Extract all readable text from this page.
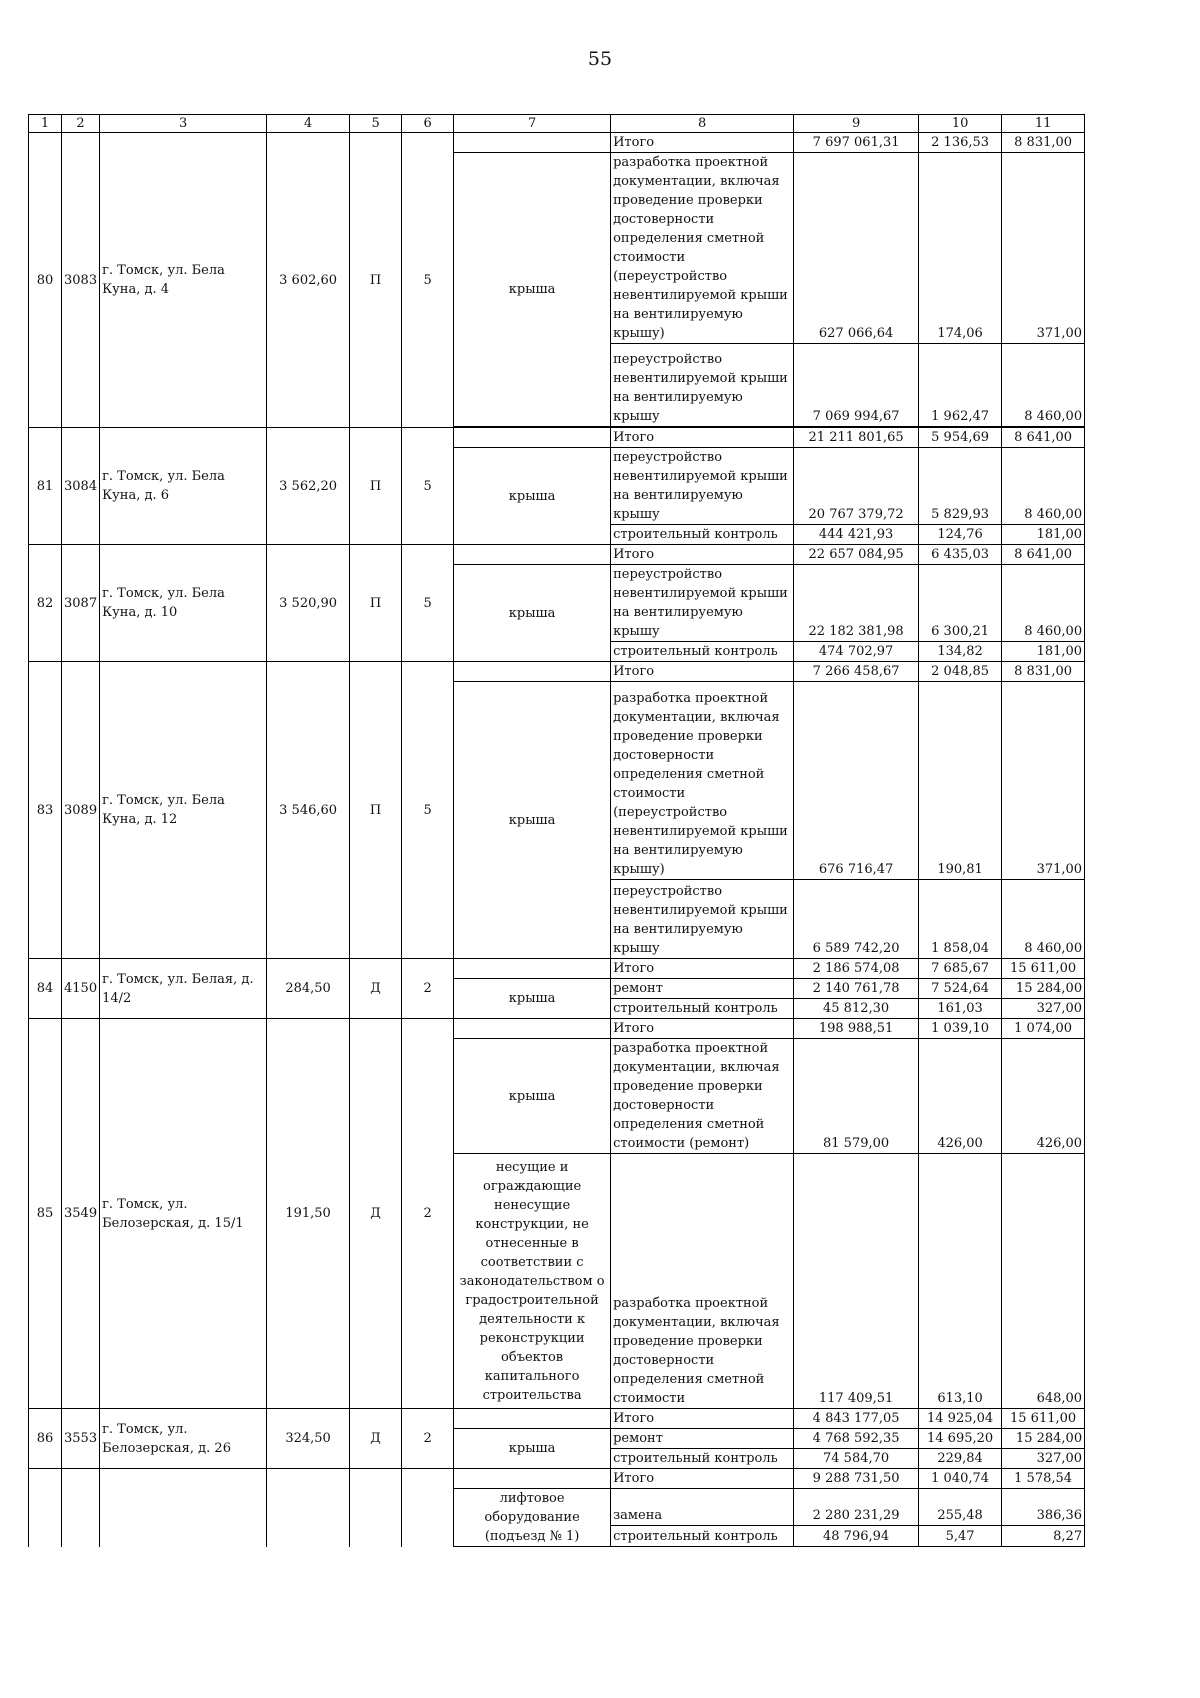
55
1	2	3	4	5	6	7	8	9	10	11
80	3083	г. Томск, ул. Бела Куна, д. 4	3 602,60	П	5		Итого	7 697 061,31	2 136,53	8 831,00
						крыша	разработка проектной документации, включая проведение проверки достоверности определения сметной стоимости (переустройство невентилируемой крыши на вентилируемую крышу)	627 066,64	174,06	371,00
							переустройство невентилируемой крыши на вентилируемую крышу	7 069 994,67	1 962,47	8 460,00

81	3084	г. Томск, ул. Бела Куна, д. 6	3 562,20	П	5		Итого	21 211 801,65	5 954,69	8 641,00
						крыша	переустройство невентилируемой крыши на вентилируемую крышу	20 767 379,72	5 829,93	8 460,00
							строительный контроль	444 421,93	124,76	181,00
82	3087	г. Томск, ул. Бела Куна, д. 10	3 520,90	П	5		Итого	22 657 084,95	6 435,03	8 641,00
						крыша	переустройство невентилируемой крыши на вентилируемую крышу	22 182 381,98	6 300,21	8 460,00
							строительный контроль	474 702,97	134,82	181,00
83	3089	г. Томск, ул. Бела Куна, д. 12	3 546,60	П	5		Итого	7 266 458,67	2 048,85	8 831,00
						крыша	разработка проектной документации, включая проведение проверки достоверности определения сметной стоимости (переустройство невентилируемой крыши на вентилируемую крышу)	676 716,47	190,81	371,00
							переустройство невентилируемой крыши на вентилируемую крышу	6 589 742,20	1 858,04	8 460,00
84	4150	г. Томск, ул. Белая, д. 14/2	284,50	Д	2		Итого	2 186 574,08	7 685,67	15 611,00
						крыша	ремонт	2 140 761,78	7 524,64	15 284,00
							строительный контроль	45 812,30	161,03	327,00
85	3549	г. Томск, ул. Белозерская, д. 15/1	191,50	Д	2		Итого	198 988,51	1 039,10	1 074,00
						крыша	разработка проектной документации, включая проведение проверки достоверности определения сметной стоимости (ремонт)	81 579,00	426,00	426,00
						несущие и ограждающие ненесущие конструкции, не отнесенные в соответствии с законодательством о градостроительной деятельности к реконструкции объектов капитального строительства	разработка проектной документации, включая проведение проверки достоверности определения сметной стоимости	117 409,51	613,10	648,00
86	3553	г. Томск, ул. Белозерская, д. 26	324,50	Д	2		Итого	4 843 177,05	14 925,04	15 611,00
						крыша	ремонт	4 768 592,35	14 695,20	15 284,00
							строительный контроль	74 584,70	229,84	327,00
							Итого	9 288 731,50	1 040,74	1 578,54
						лифтовое оборудование (подъезд № 1)	замена	2 280 231,29	255,48	386,36
							строительный контроль	48 796,94	5,47	8,27
